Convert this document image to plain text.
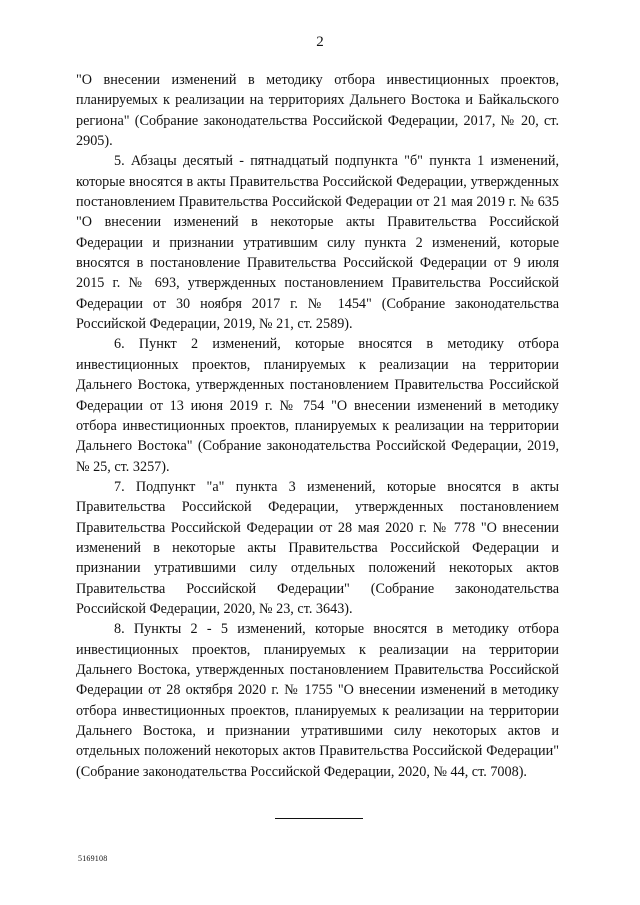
2

"О внесении изменений в методику отбора инвестиционных проектов, планируемых к реализации на территориях Дальнего Востока и Байкальского региона" (Собрание законодательства Российской Федерации, 2017, № 20, ст. 2905).

5. Абзацы десятый - пятнадцатый подпункта "б" пункта 1 изменений, которые вносятся в акты Правительства Российской Федерации, утвержденных постановлением Правительства Российской Федерации от 21 мая 2019 г. № 635 "О внесении изменений в некоторые акты Правительства Российской Федерации и признании утратившим силу пункта 2 изменений, которые вносятся в постановление Правительства Российской Федерации от 9 июля 2015 г. № 693, утвержденных постановлением Правительства Российской Федерации от 30 ноября 2017 г. № 1454" (Собрание законодательства Российской Федерации, 2019, № 21, ст. 2589).

6. Пункт 2 изменений, которые вносятся в методику отбора инвестиционных проектов, планируемых к реализации на территории Дальнего Востока, утвержденных постановлением Правительства Российской Федерации от 13 июня 2019 г. № 754 "О внесении изменений в методику отбора инвестиционных проектов, планируемых к реализации на территории Дальнего Востока" (Собрание законодательства Российской Федерации, 2019, № 25, ст. 3257).

7. Подпункт "а" пункта 3 изменений, которые вносятся в акты Правительства Российской Федерации, утвержденных постановлением Правительства Российской Федерации от 28 мая 2020 г. № 778 "О внесении изменений в некоторые акты Правительства Российской Федерации и признании утратившими силу отдельных положений некоторых актов Правительства Российской Федерации" (Собрание законодательства Российской Федерации, 2020, № 23, ст. 3643).

8. Пункты 2 - 5 изменений, которые вносятся в методику отбора инвестиционных проектов, планируемых к реализации на территории Дальнего Востока, утвержденных постановлением Правительства Российской Федерации от 28 октября 2020 г. № 1755 "О внесении изменений в методику отбора инвестиционных проектов, планируемых к реализации на территории Дальнего Востока, и признании утратившими силу некоторых актов и отдельных положений некоторых актов Правительства Российской Федерации" (Собрание законодательства Российской Федерации, 2020, № 44, ст. 7008).

5169108
